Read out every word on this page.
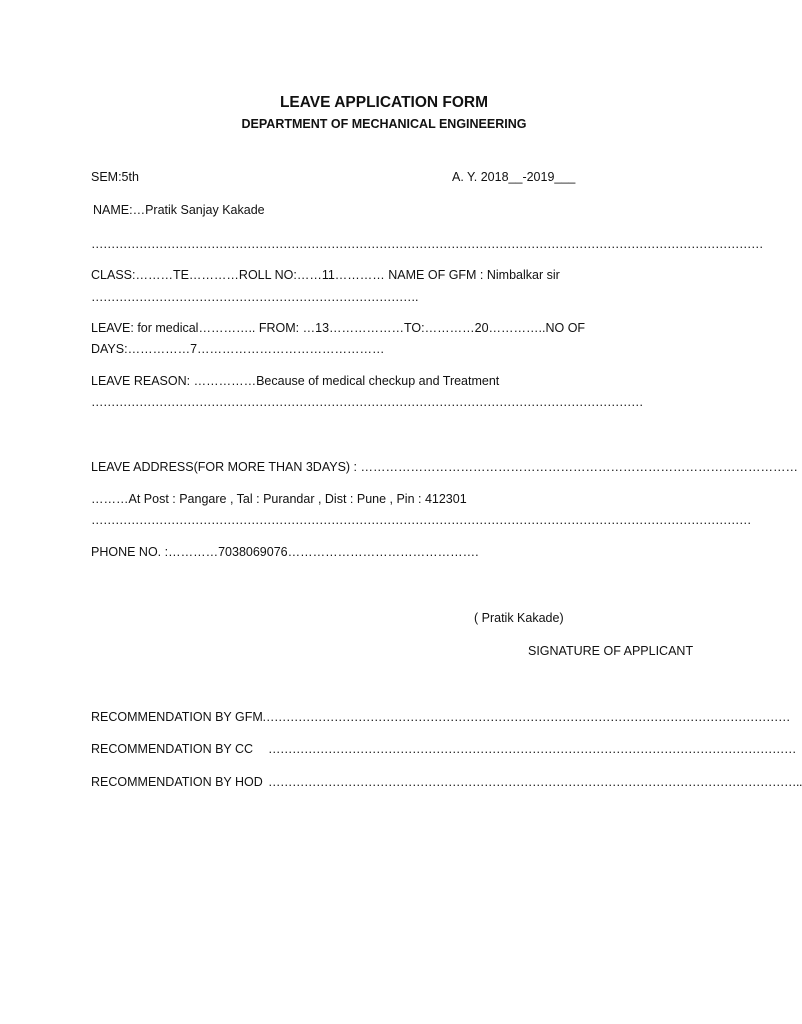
LEAVE APPLICATION FORM
DEPARTMENT OF MECHANICAL ENGINEERING
SEM:5th	A. Y. 2018__-2019___
NAME:…Pratik Sanjay Kakade
……………………………………………………………………………………………………………………………………………………
CLASS:………TE…………ROLL NO:……11………… NAME OF GFM : Nimbalkar sir
……………………………………………………………………….
LEAVE: for medical………….. FROM: …13………………TO:…………20…………..NO OF
DAYS:……………7………………………………………
LEAVE REASON: ……………Because of medical checkup and Treatment
…………………………………………………………………………………………………………………………
LEAVE ADDRESS(FOR MORE THAN 3DAYS) : ……………………………………………………………………………………………
………At Post : Pangare , Tal : Purandar , Dist : Pune , Pin : 412301
…………………………………………………………………………………………………………………………………………………
PHONE NO. :…………7038069076……………………………………….
( Pratik Kakade)
SIGNATURE OF APPLICANT
RECOMMENDATION BY GFM ……………………………………………………………………………………………………………………
RECOMMENDATION BY CC ……………………………………………………………………………………………………………………
RECOMMENDATION BY HOD ……………………………………………………………………………………………………………………..
